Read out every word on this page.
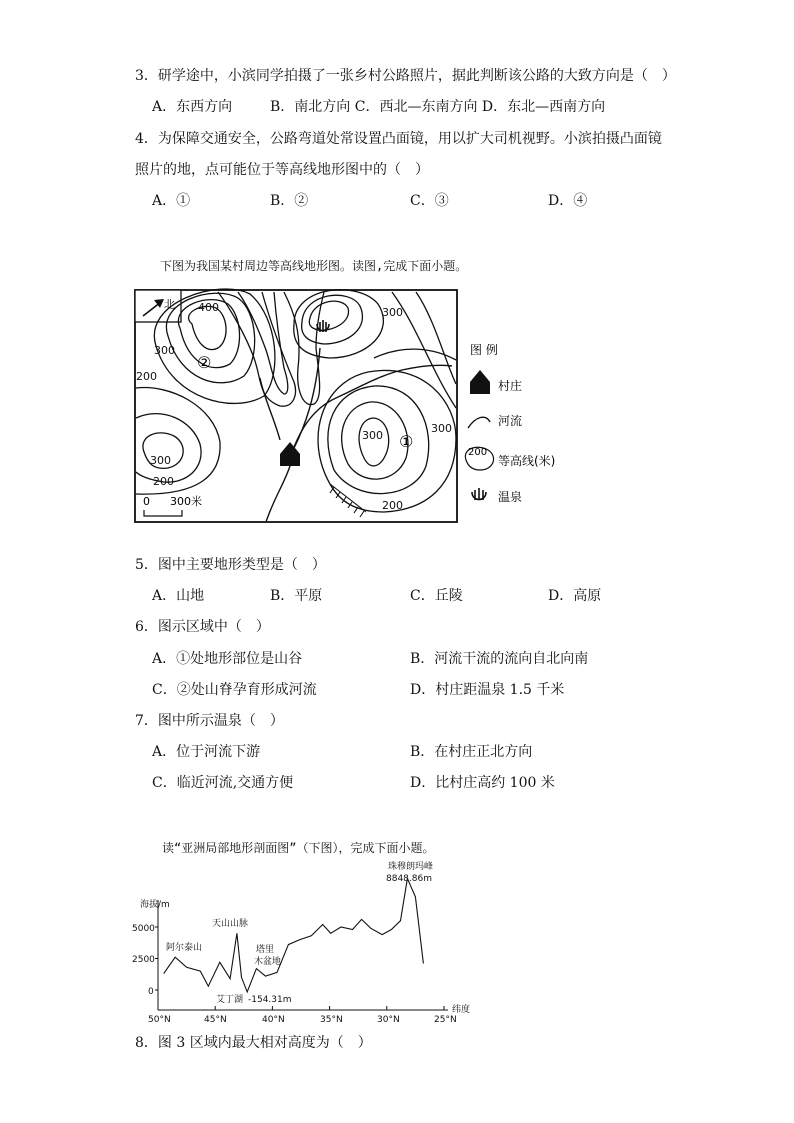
3．研学途中，小滨同学拍摄了一张乡村公路照片，据此判断该公路的大致方向是（　）
A．东西方向	B．南北方向 C．西北—东南方向 D．东北—西南方向
4．为保障交通安全，公路弯道处常设置凸面镜，用以扩大司机视野。小滨拍摄凸面镜
照片的地，点可能位于等高线地形图中的（　）
A．①	B．②	C．③	D．④
下图为我国某村周边等高线地形图。读图,完成下面小题。
北 400
300
200
300
300
300
200
300
200
②
①
0 300米
图 例
村庄
河流
200
等高线(米)
温泉
5．图中主要地形类型是（　）
A．山地	B．平原	C．丘陵	D．高原
6．图示区域中（　）
A．①处地形部位是山谷	B．河流干流的流向自北向南
C．②处山脊孕育形成河流	D．村庄距温泉 1.5 千米
7．图中所示温泉（　）
A．位于河流下游	B．在村庄正北方向
C．临近河流,交通方便	D．比村庄高约 100 米
读“亚洲局部地形剖面图”（下图），完成下面小题。
海拔/m
5000
2500
0
纬度
50°N	45°N	40°N	35°N	30°N	25°N
珠穆朗玛峰
8848.86m
天山山脉
阿尔泰山	塔里
木盆地
艾丁湖 -154.31m
8．图 3 区域内最大相对高度为（　）
